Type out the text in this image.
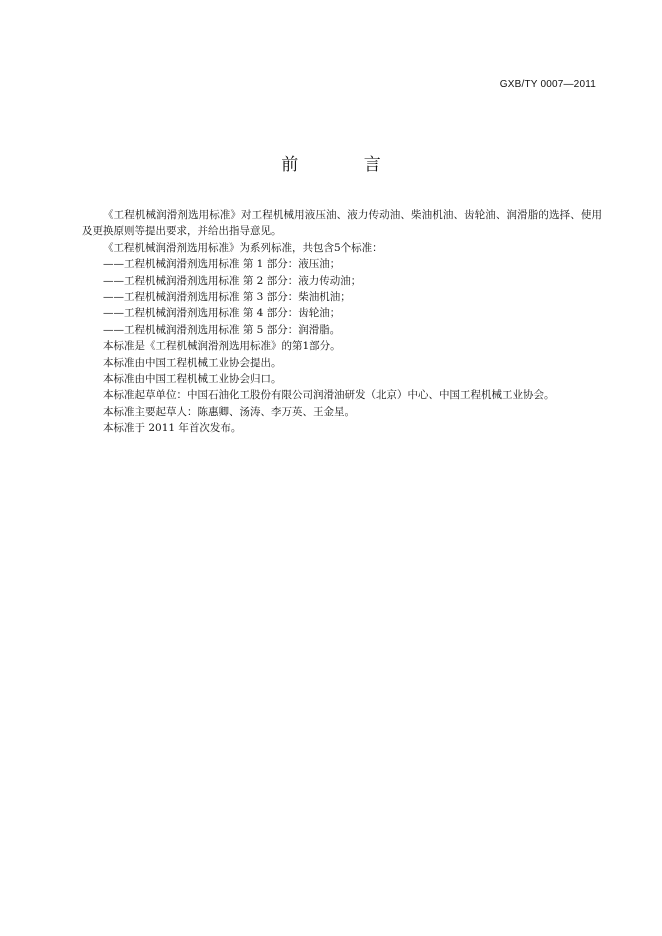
GXB/TY 0007—2011
前 言

《工程机械润滑剂选用标准》对工程机械用液压油、液力传动油、柴油机油、齿轮油、润滑脂的选择、使用及更换原则等提出要求，并给出指导意见。

《工程机械润滑剂选用标准》为系列标准，共包含5个标准：

——工程机械润滑剂选用标准 第 1 部分：液压油；

——工程机械润滑剂选用标准 第 2 部分：液力传动油；

——工程机械润滑剂选用标准 第 3 部分：柴油机油；

——工程机械润滑剂选用标准 第 4 部分：齿轮油；

——工程机械润滑剂选用标准 第 5 部分：润滑脂。

本标准是《工程机械润滑剂选用标准》的第1部分。

本标准由中国工程机械工业协会提出。

本标准由中国工程机械工业协会归口。

本标准起草单位：中国石油化工股份有限公司润滑油研发（北京）中心、中国工程机械工业协会。

本标准主要起草人：陈惠卿、汤涛、李万英、王金星。

本标准于 2011 年首次发布。
